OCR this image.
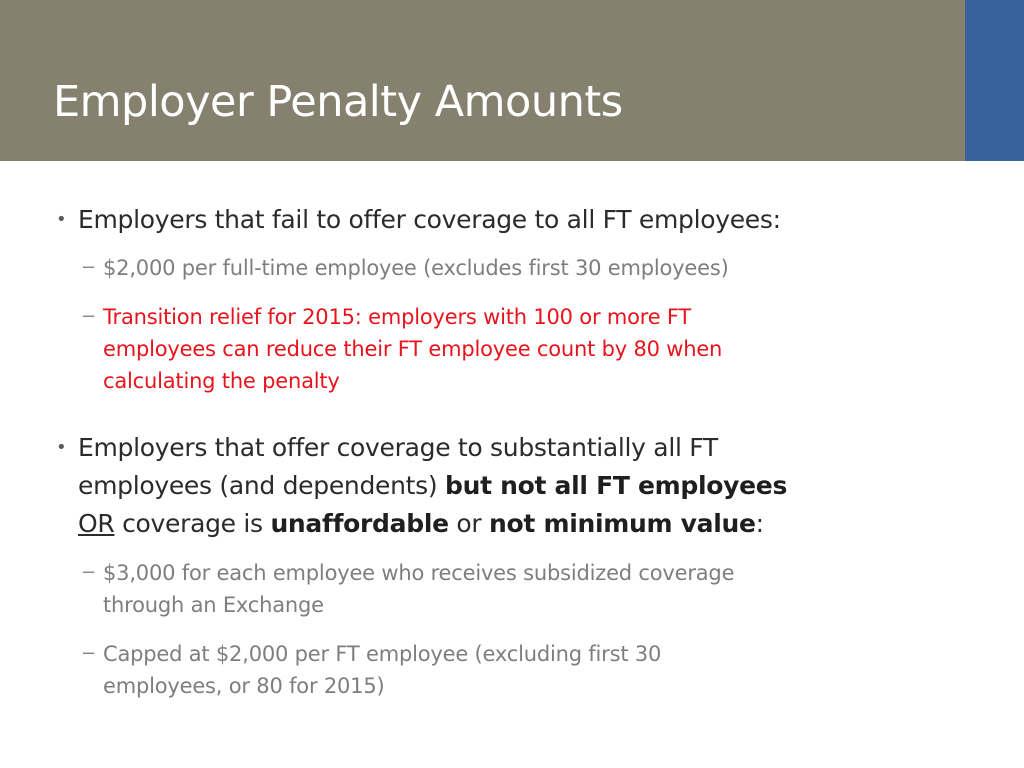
Employer Penalty Amounts
• Employers that fail to offer coverage to all FT employees:
− $2,000 per full-time employee (excludes first 30 employees)
− Transition relief for 2015: employers with 100 or more FT
employees can reduce their FT employee count by 80 when
calculating the penalty
• Employers that offer coverage to substantially all FT
employees (and dependents) but not all FT employees
OR coverage is unaffordable or not minimum value:
− $3,000 for each employee who receives subsidized coverage
through an Exchange
− Capped at $2,000 per FT employee (excluding first 30
employees, or 80 for 2015)
